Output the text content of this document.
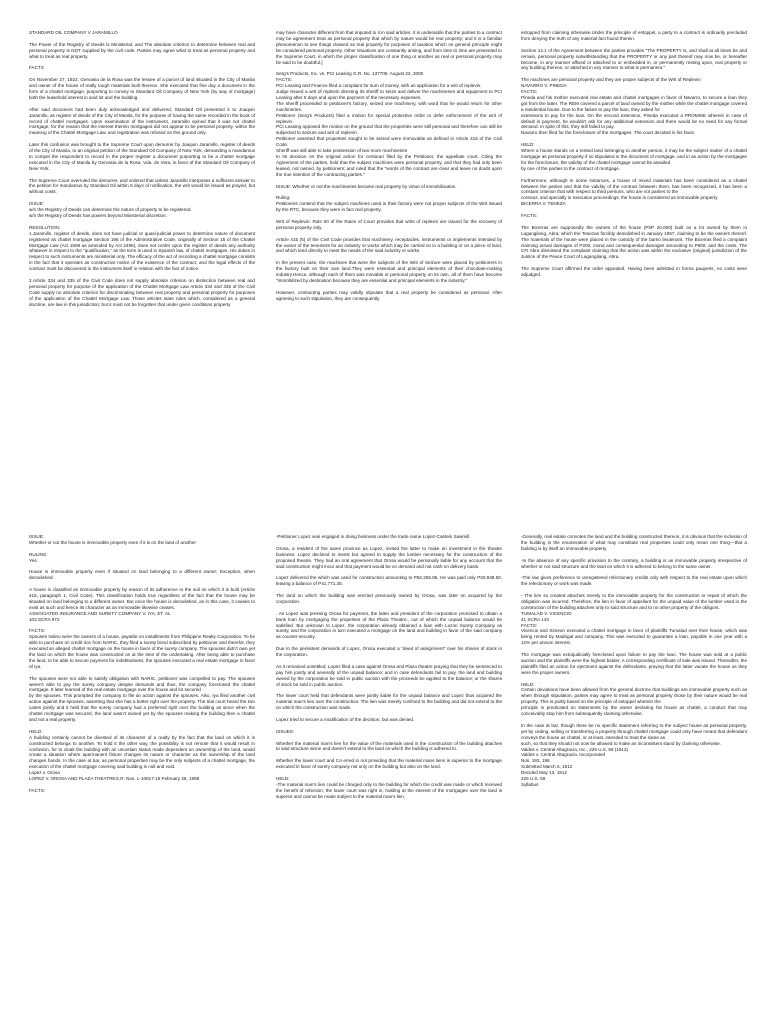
STANDARD OIL COMPANY V JARAMILLO

The Power of the Registry of Deeds is Ministerial, and The absolute criterion to determine between real and personal property is NOT supplied by the civil code. Parties may agree what to treat as personal property and what to treat as real property.

FACTS

On November 27, 1922, Gervasia de la Rosa was the lessee of a parcel of land situated in the City of Manila and owner of the house of really tough materials built thereon. She executed that fine day a document in the form of a chattel mortgage, purporting to convey to Standard Oil Company of New York (by way of mortgage) both the leasehold interest in said lot and the building.

After said document had been duly acknowledged and delivered, Standard Oil presented it to Joaquin Jaramillo, as register of deeds of the City of Manila, for the purpose of having the same recorded in the book of record of chattel mortgages. Upon examination of the instrument, Jaramillo opined that it was not chattel mortgage, for the reason that the interest therein mortgaged did not appear to be personal property, within the meaning of the Chattel Mortgage Law, and registration was refused on this ground only.

Later this confusion was brought to the Supreme Court upon demurrer by Joaquin Jaramillo, register of deeds of the City of Manila, to an original petition of the Standard Oil Company of New York, demanding a mandamus to compel the respondent to record in the proper register a document purporting to be a chattel mortgage executed in the City of Manila by Gervasia de la Rosa, Vda. de Vera, in favor of the Standard Oil Company of New York.

The Supreme Court overruled the demurrer, and ordered that unless Jaramillo interposes a sufficient answer to the petition for mandamus by Standard Oil within 5 days of notification, the writ would be issued as prayed, but without costs.

ISSUE:
w/n the Registry of Deeds can determine the nature of property to be registered.
w/n the Registry of Deeds has powers beyond Ministerial discretion.

RESOLUTION:
1.Jaramillo, register of deeds, does not have judicial or quasi-judicial power to determine nature of document registered as chattel mortgage Section 198 of the Administrative Code, originally of Section 15 of the Chattel Mortgage Law (Act 1508 as amended by Act 2496), does not confer upon the register of deeds any authority whatever in respect to the "qualification," as the term is used in Spanish law, of chattel mortgages. His duties in respect to such instruments are ministerial only. The efficacy of the act of recording a chattel mortgage consists in the fact that it operates as constructive notice of the existence of the contract, and the legal effects of the contract must be discovered in the instrument itself in relation with the fact of notice.

2.Article 334 and 335 of the Civil Code does not supply absolute criterion on distinction between real and personal property for purpose of the application of the Chattel Mortgage Law Article 334 and 335 of the Civil Code supply no absolute criterion for discriminating between real property and personal property for purposes of the application of the Chattel Mortgage Law. Those articles state rules which, considered as a general doctrine, are law in this jurisdiction; but it must not be forgotten that under given conditions property

may have character different from that imputed to it in said articles. It is undeniable that the parties to a contract may be agreement treat as personal property that which by nature would be real property; and it is a familiar phenomenon to see things classed as real property for purposes of taxation which on general principle might be considered personal property. Other situations are constantly arising, and from time to time are presented to the Supreme Court, in which the proper classification of one thing or another as real or personal property may be said to be doubtful.]

Serg's Products, Inc. vs. PCI Leasing G.R. No. 137705. August 22, 2000
FACTS:
PCI Leasing and Finance filed a complaint for sum of money, with an application for a writ of replevin.
Judge issued a writ of replevin directing its sheriff to seize and deliver the machineries and equipment to PCI Leasing after 5 days and upon the payment of the necessary expenses.
The sheriff proceeded to petitioner's factory, seized one machinery, with word that he would return for other machineries.
Petitioner (Serg's Products) filed a motion for special protective order to defer enforcement of the writ of replevin.
PCI Leasing opposed the motion on the ground that the properties were still personal and therefore can still be subjected to seizure and writ of replevin.
Petitioner asserted that properties sought to be seized were immovable as defined in Article 415 of the Civil Code.
Sheriff was still able to take possession of two more machineries
In its decision on the original action for certiorari filed by the Petitioner, the appellate court, Citing the Agreement of the parties, held that the subject machines were personal property, and that they had only been leased, not owned, by petitioners; and ruled that the "words of the contract are clear and leave no doubt upon the true intention of the contracting parties."

ISSUE: Whether or not the machineries became real property by virtue of immobilization.

Ruling:
Petitioners contend that the subject machines used in their factory were not proper subjects of the Writ issued by the RTC, because they were in fact real property.

Writ of Replevin: Rule 60 of the Rules of Court provides that writs of replevin are issued for the recovery of personal property only.

Article 415 (5) of the Civil Code provides that machinery, receptacles, instruments or implements intended by the owner of the tenement for an industry or works which may be carried on in a building or on a piece of land, and which tend directly to meet the needs of the said industry or works

In the present case, the machines that were the subjects of the Writ of Seizure were placed by petitioners in the factory built on their own land.They were essential and principal elements of their chocolate-making industry.Hence, although each of them was movable or personal property on its own, all of them have become "immobilized by destination because they are essential and principal elements in the industry."

However, contracting parties may validly stipulate that a real property be considered as personal. After agreeing to such stipulation, they are consequently

estopped from claiming otherwise.Under the principle of estoppel, a party to a contract is ordinarily precluded from denying the truth of any material fact found therein.

Section 12.1 of the Agreement between the parties provides "The PROPERTY is, and shall at all times be and remain, personal property notwithstanding that the PROPERTY or any part thereof may now be, or hereafter become, in any manner affixed or attached to or embedded in, or permanently resting upon, real property or any building thereon, or attached in any manner to what is permanent."

The machines are personal property and they are proper subjects of the Writ of Replevin
NAVARRO V. PINEDA
FACTS:
Pineda and his mother executed real estate and chattel mortgages in favor of Navarro, to secure a loan they got from the latter. The REM covered a parcel of land owned by the mother while the chattel mortgage covered a residential house. Due to the failure to pay the loan, they asked for
extensions to pay for the loan. On the second extension, Pineda executed a PROMISE wherein in case of default in payment, he wouldn't ask for any additional extension and there would be no need for any formal demand. In spite of this, they still failed to pay.
Navarro then filed for the foreclosure of the mortgages. The court decided in his favor.

HELD:
Where a house stands on a rented land belonging to another person, it may be the subject matter of a chattel mortgage as personal property if so stipulated in the document of mortgage, and in an action by the mortgagee for the foreclosure, the validity of the chattel mortgage cannot be assailed
by one of the parties to the contract of mortgage.

Furthermore, although in some instances, a house of mixed materials has been considered as a chattel between the parties and that the validity of the contract between them, has been recognized, it has been a constant criterion that with respect to third persons, who are not parties to the
contract, and specially in execution proceedings, the house is considered as immovable property.
BICERRA V. TENEZA

FACTS:

The Bicerras are supposedly the owners of the house (PhP 20,000) built on a lot owned by them in Lagangilang, Abra; which the Tenezas forcibly demolished in January 1957, claiming to be the owners thereof. The materials of the house were placed in the custody of the barrio lieutenant. The Bicerras filed a complaint claiming actual damages of P200, moral and consequential damages amounting to P600, and the costs. The CFI Abra dismissed the complaint claiming that the action was within the exclusive (original) jurisdiction of the Justice of the Peace Court of Lagangilang, Abra.

The Supreme Court affirmed the order appealed. Having been admitted in forma pauperis, no costs were adjudged.

ISSUE:
Whether or not the house is immovable property even if it is on the land of another

RULING:
Yes.

House is immovable property even if situated on land belonging to a different owner; Exception, when demolished.

A house is classified as immovable property by reason of its adherence to the soil on which it is built (Article 415, paragraph 1, Civil Code). This classification holds true regardless of the fact that the house may be situated on land belonging to a different owner. But once the house is demolished, as in this case, it ceases to exist as such and hence its character as an immovable likewise ceases.
ASSOCIATED INSURANCE AND SURETY COMPANY V. IYA, ET. AL
103 SCRA 972

FACTS:
Spouses Valino were the owners of a house, payable on installments from Philippine Realty Corporation. To be able to purchase on credit rice from NARIC, they filed a surety bond subscribed by petitioner and therefor, they executed an alleged chattel mortgage on the house in favor of the surety company. The spouses didn't own yet the land on which the house was constructed on at the time of the undertaking. After being able to purchase the land, to be able to secure payment for indebtedness, the spouses executed a real estate mortgage in favor of Iya.

The spouses were not able to satisfy obligation with NARIC, petitioner was compelled to pay. The spouses weren't able to pay the surety company despite demands and thus, the company foreclosed the chattel mortgage. It later learned of the real estate mortgage over the house and lot secured
by the spouses. This prompted the company to file an action against the spouses. Also, Iya filed another civil action against the spouses, asserting that she has a better right over the property. The trial court heard the two cases jointly and it held that the surety company had a preferred right over the building as since when the chattel mortgage was secured, the land wasn't owned yet by the spouses making the building then a chattel and not a real property.

HELD:
A building certainly cannot be divested of its character of a realty by the fact that the land on which it is constructed belongs to another. To hold it the other way, the possibility is not remote that it would result in confusion, for to cloak the building with an uncertain status made dependent on ownership of the land, would create a situation where apermanent fixture changes its nature or character as the ownership of the land changes hands. In the case at bar, as personal properties may be the only subjects of a chattel mortgage, the execution of the chattel mortgage covering said building is null and void.
Lopez v. Orosa
LOPEZ V. OROSA AND PLAZA THEATREG.R. Nos. L-10817-18 February 28, 1958

FACTS:

-Petitioner Lopez was engaged in doing business under the trade name Lopez-Castelo Sawmill.

Orosa, a resident of the same province as Lopez, invited the latter to make an investment in the theatre business. Lopez declined to invest but agreed to supply the lumber necessary for the construction of the proposed theatre. They had an oral agreement that Orosa would be personally liable for any account that the said construction might incur and that payment would be on demand and not cash on delivery basis.

Lopez delivered the which was used for construction amounting to P62,255.85. He was paid only P20,848.50, leaving a balance of P41,771.35.

The land on which the building was erected previously owned by Orosa, was later on acquired by the corporation.

. As Lopez was pressing Orosa for payment, the latter and president of the corporation promised to obtain a bank loan by mortgaging the properties of the Plaza Theatre., out of which the unpaid balance would be satisfied. But unknown to Lopez, the corporation already obtained a loan with Luzon Surety Company as surety, and the corporation in turn executed a mortgage on the land and building in favor of the said company as counter-security.

Due to the persistent demands of Lopez, Orosa executed a "deed of assignment" over his shares of stock in the corporation.

As it remained unsettled, Lopez filed a case against Orosa and Plaza theatre praying that they be sentenced to pay him jointly and severally of the unpaid balance; and in case defendants fail to pay, the land and building owned by the corporation be sold in public auction with the proceeds be applied to the balance; or the shares of stock be sold in public auction.

The lower court held that defendants were jointly liable for the unpaid balance and Lopez thus acquired the material man's lien over the construction. The lien was merely confined to the building and did not extend to the on which the construction was made.

Lopez tried to secure a modification of the decision, but was denied.

ISSUES:

Whether the material man's lien for the value of the materials used in the construction of the building attaches to said structure alone and doesn't extend to the land on which the building is adhered to.

Whether the lower court and CA erred in not providing that the material mans liens is superior to the mortgage executed in favor of surety company not only on the building but also on the land.

HELD:
-The material man's lien could be charged only to the building for which the credit was made or which received the benefit of refection; the lower court was right in, holding at the interest of the mortgagee over the land is superior and cannot be made subject to the material man's lien.

-Generally, real estate connotes the land and the building constructed thereon, it is obvious that the inclusion of the building in the enumeration of what may constitute real properties could only mean one thing—that a building is by itself an immovable property.

-In the absence of any specific provision to the contrary, a building is an immovable property irrespective of whether or not said structure and the land on which it is adhered to belong to the same owner.

-The law gives preference to unregistered refectionary credits only with respect to the real estate upon which the refectionary or work was made.

- The lien so created attaches merely to the immovable property for the construction or repair of which the obligation was incurred. Therefore, the lien in favor of appellant for the unpaid value of the lumber used in the construction of the building attaches only to said structure and to no other property of the obligors.
TUMALAD V. VICENCIO
41 SCRA 143
FACTS:
Vicencio and Simeon executed a chattel mortgage in favor of plaintiffs Tumalad over their house, which was being rented by Madrigal and company. This was executed to guarantee a loan, payable in one year with a 12% per annum interest.

The mortgage was extrajudicially foreclosed upon failure to pay the loan. The house was sold at a public auction and the plaintiffs were the highest bidder. A corresponding certificate of sale was issued. Thereafter, the plaintiffs filed an action for ejectment against the defendants, praying that the latter vacate the house as they were the proper owners.

HELD:
Certain deviations have been allowed from the general doctrine that buildings are immovable property such as when through stipulation, parties may agree to treat as personal property those by their nature would be real property. This is partly based on the principle of estoppel wherein the
principle is predicated on statements by the owner declaring his house as chattel, a conduct that may conceivably stop him from subsequently claiming otherwise.

In the case at bar, though there be no specific statement referring to the subject house as personal property, yet by ceding, selling or transferring a property through chattel mortgage could only have meant that defendant conveys the house as chattel, or at least, intended to treat the same as
such, so that they should not now be allowed to make an inconsistent stand by claiming otherwise.
Valdes v. Central Altagracia, Inc., 225 U.S. 58 (1912)
Valdes v. Central Altagracia, Incorporated
Nos. 193, 196
Submitted March 6, 1912
Decided May 13, 1912
225 U.S. 58
Syllabus
